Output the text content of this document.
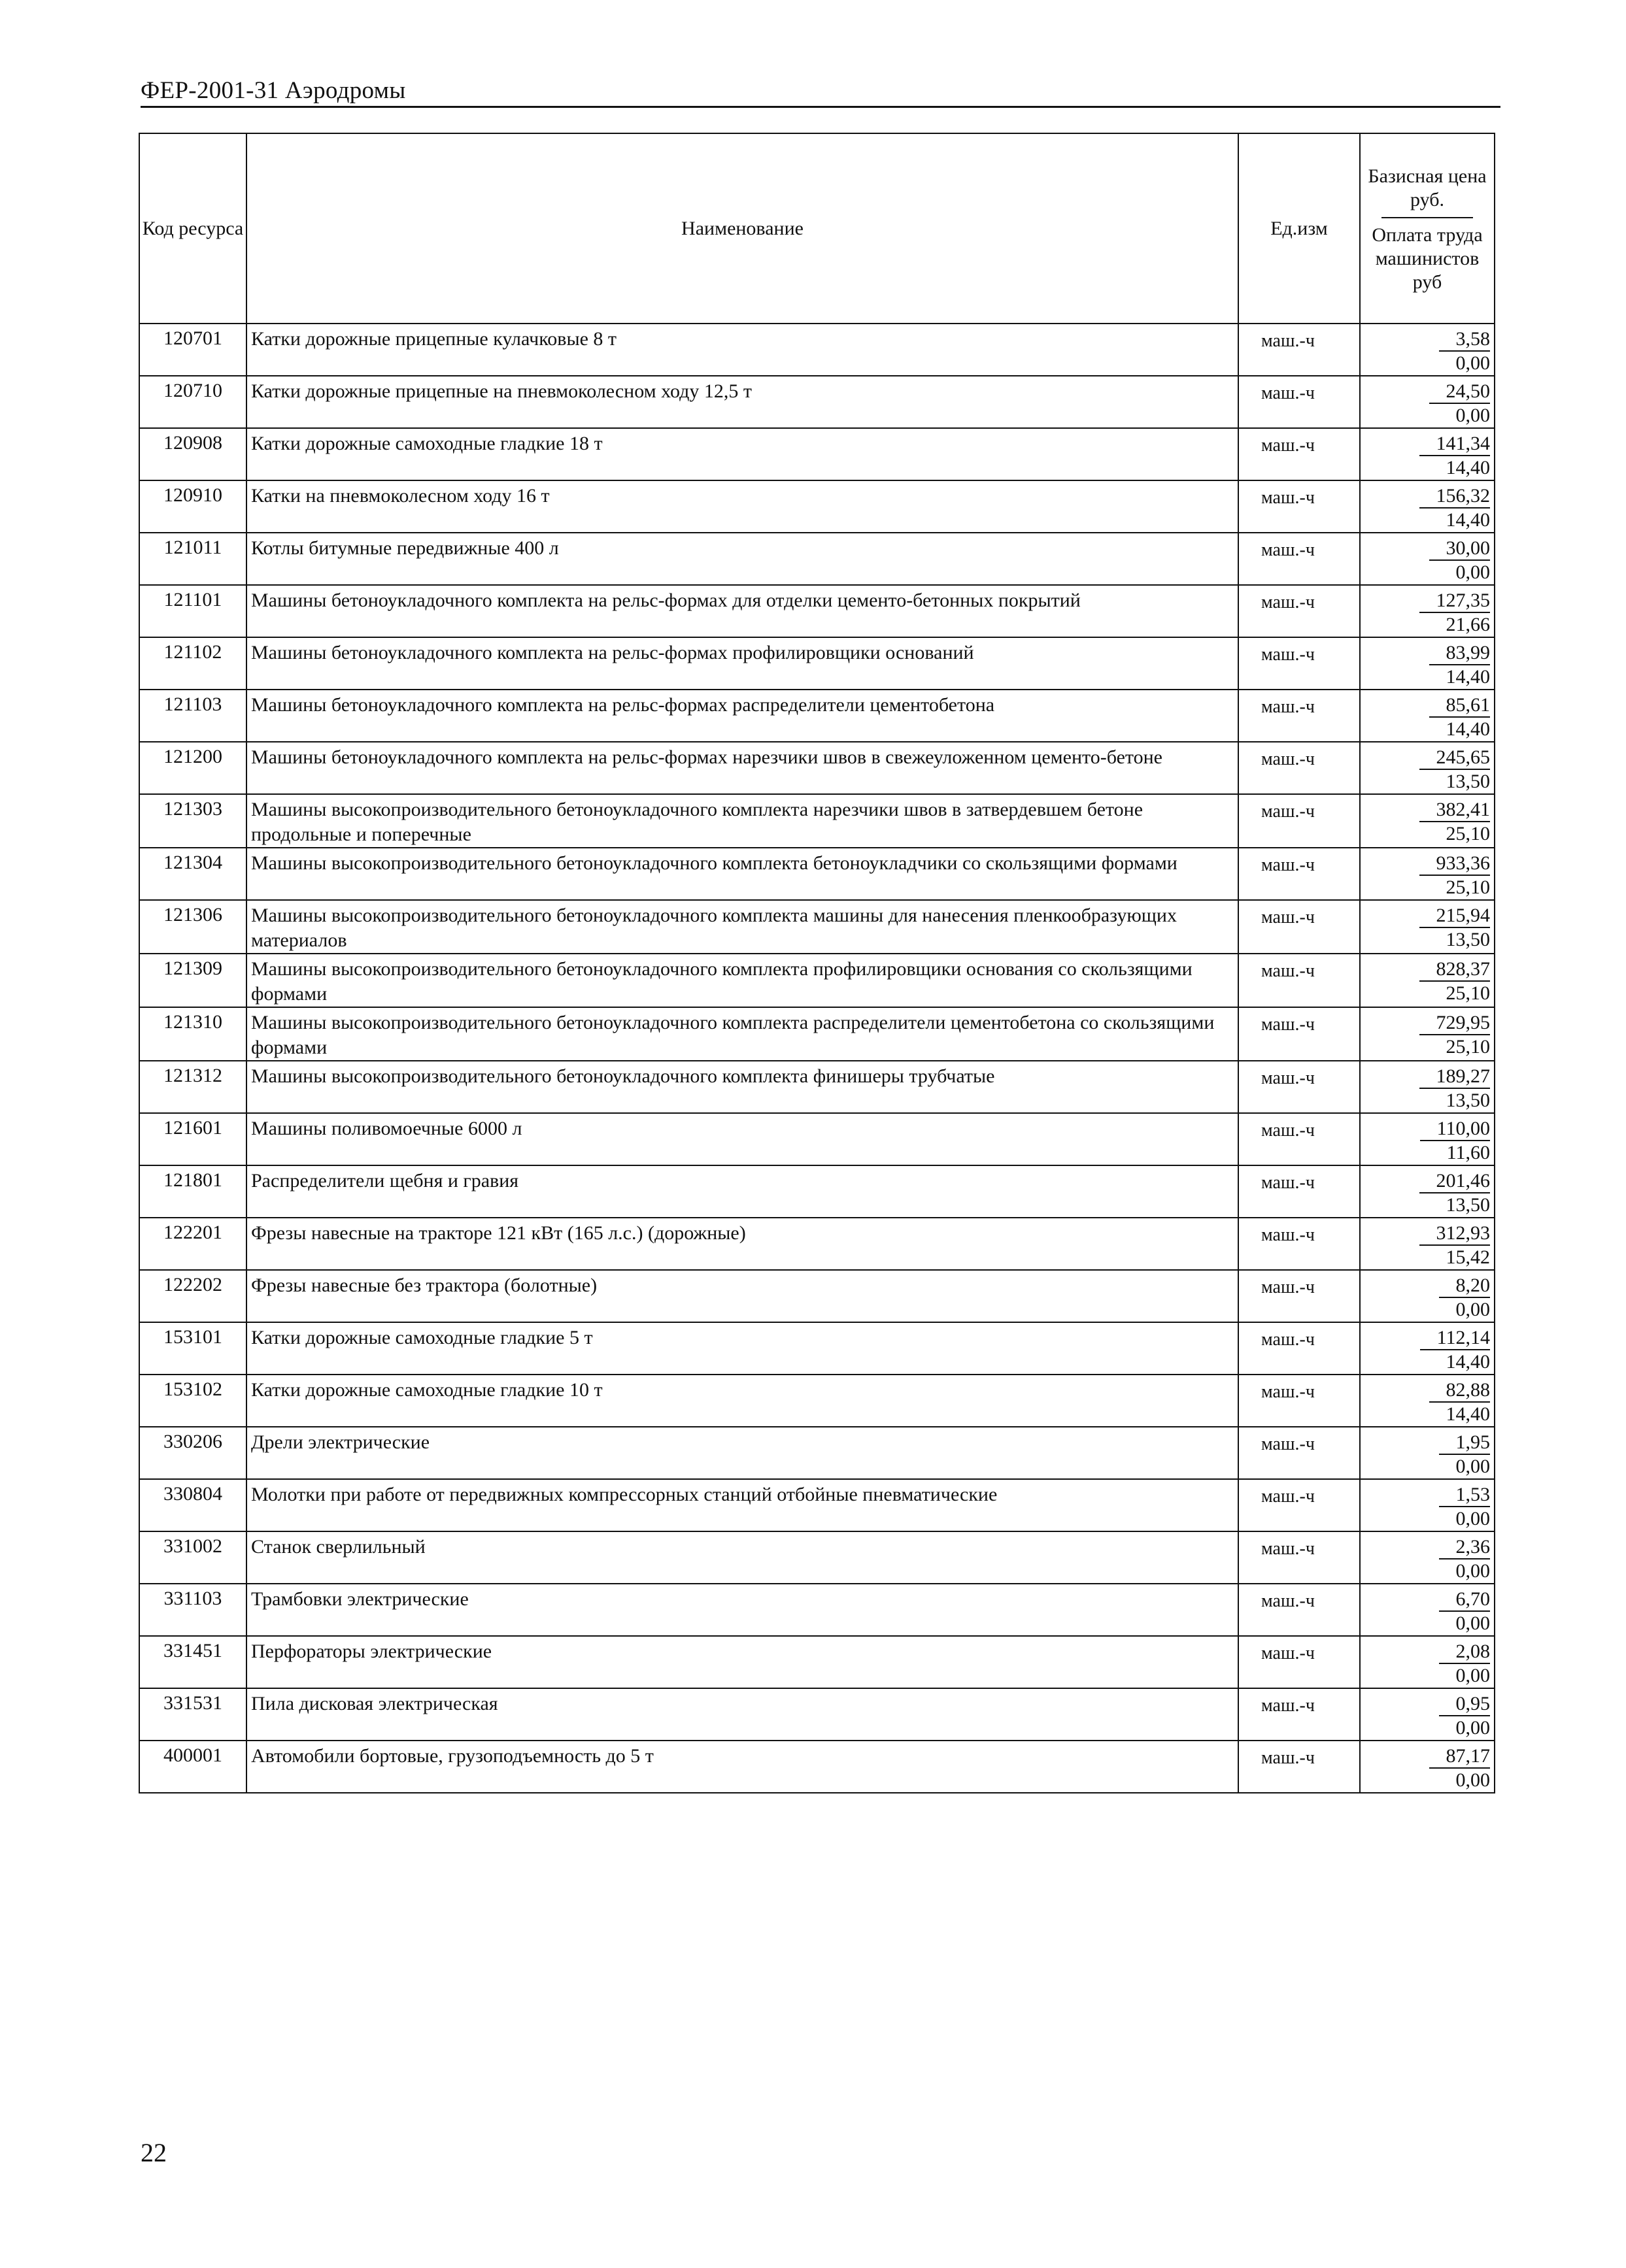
ФЕР-2001-31 Аэродромы
Код ресурса	Наименование	Ед.изм	Базисная цена руб.
Оплата труда машинистов руб

120701	Катки дорожные прицепные кулачковые 8 т	маш.-ч	3,58
0,00

120710	Катки дорожные прицепные на пневмоколесном ходу 12,5 т	маш.-ч	24,50
0,00

120908	Катки дорожные самоходные гладкие 18 т	маш.-ч	141,34
14,40

120910	Катки на пневмоколесном ходу 16 т	маш.-ч	156,32
14,40

121011	Котлы битумные передвижные 400 л	маш.-ч	30,00
0,00

121101	Машины бетоноукладочного комплекта на рельс-формах для отделки цементо-бетонных покрытий	маш.-ч	127,35
21,66

121102	Машины бетоноукладочного комплекта на рельс-формах профилировщики оснований	маш.-ч	83,99
14,40

121103	Машины бетоноукладочного комплекта на рельс-формах распределители цементобетона	маш.-ч	85,61
14,40

121200	Машины бетоноукладочного комплекта на рельс-формах нарезчики швов в свежеуложенном цементо-бетоне	маш.-ч	245,65
13,50

121303	Машины высокопроизводительного бетоноукладочного комплекта нарезчики швов в затвердевшем бетоне продольные и поперечные	маш.-ч	382,41
25,10

121304	Машины высокопроизводительного бетоноукладочного комплекта бетоноукладчики со скользящими формами	маш.-ч	933,36
25,10

121306	Машины высокопроизводительного бетоноукладочного комплекта машины для нанесения пленкообразующих материалов	маш.-ч	215,94
13,50

121309	Машины высокопроизводительного бетоноукладочного комплекта профилировщики основания со скользящими формами	маш.-ч	828,37
25,10

121310	Машины высокопроизводительного бетоноукладочного комплекта распределители цементобетона со скользящими формами	маш.-ч	729,95
25,10

121312	Машины высокопроизводительного бетоноукладочного комплекта финишеры трубчатые	маш.-ч	189,27
13,50

121601	Машины поливомоечные 6000 л	маш.-ч	110,00
11,60

121801	Распределители щебня и гравия	маш.-ч	201,46
13,50

122201	Фрезы навесные на тракторе 121 кВт (165 л.с.) (дорожные)	маш.-ч	312,93
15,42

122202	Фрезы навесные без трактора (болотные)	маш.-ч	8,20
0,00

153101	Катки дорожные самоходные гладкие 5 т	маш.-ч	112,14
14,40

153102	Катки дорожные самоходные гладкие 10 т	маш.-ч	82,88
14,40

330206	Дрели электрические	маш.-ч	1,95
0,00

330804	Молотки при работе от передвижных компрессорных станций отбойные пневматические	маш.-ч	1,53
0,00

331002	Станок сверлильный	маш.-ч	2,36
0,00

331103	Трамбовки электрические	маш.-ч	6,70
0,00

331451	Перфораторы электрические	маш.-ч	2,08
0,00

331531	Пила дисковая электрическая	маш.-ч	0,95
0,00

400001	Автомобили бортовые, грузоподъемность до 5 т	маш.-ч	87,17
0,00
22
